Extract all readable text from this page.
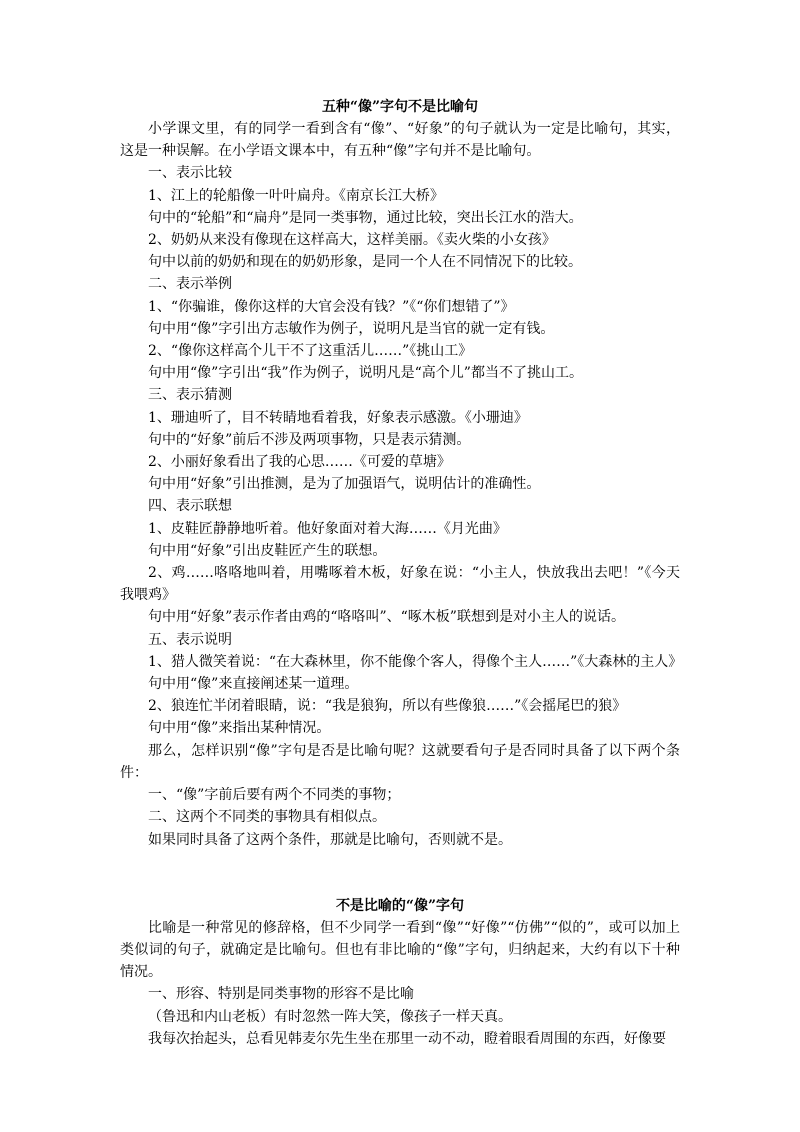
五种“像”字句不是比喻句

小学课文里，有的同学一看到含有“像”、“好象”的句子就认为一定是比喻句，其实，这是一种误解。在小学语文课本中，有五种“像”字句并不是比喻句。

一、表示比较

1、江上的轮船像一叶叶扁舟。《南京长江大桥》

句中的“轮船”和“扁舟”是同一类事物，通过比较，突出长江水的浩大。

2、奶奶从来没有像现在这样高大，这样美丽。《卖火柴的小女孩》

句中以前的奶奶和现在的奶奶形象，是同一个人在不同情况下的比较。

二、表示举例

1、“你骗谁，像你这样的大官会没有钱？”《“你们想错了”》

句中用“像”字引出方志敏作为例子，说明凡是当官的就一定有钱。

2、“像你这样高个儿干不了这重活儿……”《挑山工》

句中用“像”字引出“我”作为例子，说明凡是“高个儿”都当不了挑山工。

三、表示猜测

1、珊迪听了，目不转睛地看着我，好象表示感激。《小珊迪》

句中的“好象”前后不涉及两项事物，只是表示猜测。

2、小丽好象看出了我的心思……《可爱的草塘》

句中用“好象”引出推测，是为了加强语气，说明估计的准确性。

四、表示联想

1、皮鞋匠静静地听着。他好象面对着大海……《月光曲》

句中用“好象”引出皮鞋匠产生的联想。

2、鸡……咯咯地叫着，用嘴啄着木板，好象在说：“小主人，快放我出去吧！”《今天我喂鸡》

句中用“好象”表示作者由鸡的“咯咯叫”、“啄木板”联想到是对小主人的说话。

五、表示说明

1、猎人微笑着说：“在大森林里，你不能像个客人，得像个主人……”《大森林的主人》

句中用“像”来直接阐述某一道理。

2、狼连忙半闭着眼睛，说：“我是狼狗，所以有些像狼……”《会摇尾巴的狼》

句中用“像”来指出某种情况。

那么，怎样识别“像”字句是否是比喻句呢？这就要看句子是否同时具备了以下两个条件：

一、“像”字前后要有两个不同类的事物；

二、这两个不同类的事物具有相似点。

如果同时具备了这两个条件，那就是比喻句，否则就不是。

不是比喻的“像”字句

比喻是一种常见的修辞格，但不少同学一看到“像”“好像”“仿佛”“似的”，或可以加上类似词的句子，就确定是比喻句。但也有非比喻的“像”字句，归纳起来，大约有以下十种情况。

一、形容、特别是同类事物的形容不是比喻

（鲁迅和内山老板）有时忽然一阵大笑，像孩子一样天真。

我每次抬起头，总看见韩麦尔先生坐在那里一动不动，瞪着眼看周围的东西，好像要
